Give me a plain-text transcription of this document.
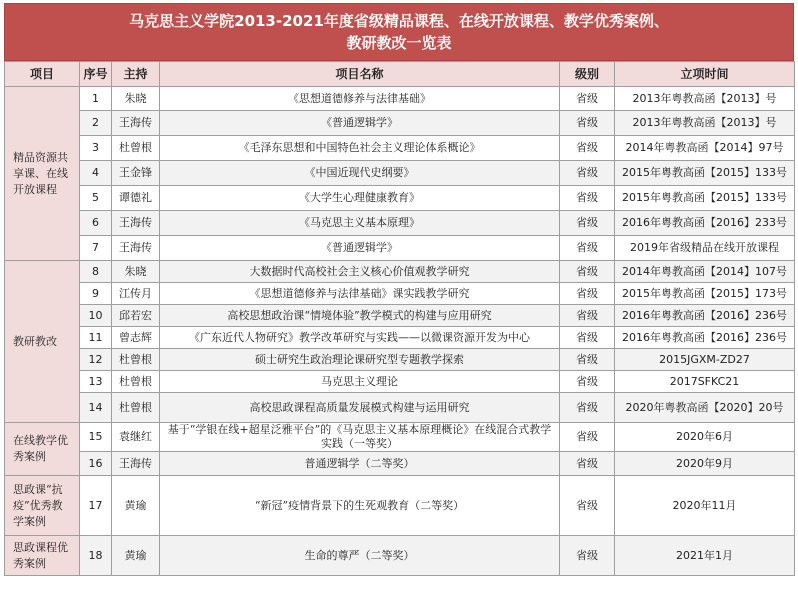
马克思主义学院2013-2021年度省级精品课程、在线开放课程、教学优秀案例、
教研教改一览表
项目	序号	主持	项目名称	级别	立项时间
精品资源共享课、在线开放课程	1	朱晓	《思想道德修养与法律基础》	省级	2013年粤教高函【2013】号
	2	王海传	《普通逻辑学》	省级	2013年粤教高函【2013】号
	3	杜曾根	《毛泽东思想和中国特色社会主义理论体系概论》	省级	2014年粤教高函【2014】97号
	4	王金锋	《中国近现代史纲要》	省级	2015年粤教高函【2015】133号
	5	谭德礼	《大学生心理健康教育》	省级	2015年粤教高函【2015】133号
	6	王海传	《马克思主义基本原理》	省级	2016年粤教高函【2016】233号
	7	王海传	《普通逻辑学》	省级	2019年省级精品在线开放课程
教研教改	8	朱晓	大数据时代高校社会主义核心价值观教学研究	省级	2014年粤教高函【2014】107号
	9	江传月	《思想道德修养与法律基础》课实践教学研究	省级	2015年粤教高函【2015】173号
	10	邱若宏	高校思想政治课“情境体验”教学模式的构建与应用研究	省级	2016年粤教高函【2016】236号
	11	曾志辉	《广东近代人物研究》教学改革研究与实践——以微课资源开发为中心	省级	2016年粤教高函【2016】236号
	12	杜曾根	硕士研究生政治理论课研究型专题教学探索	省级	2015JGXM-ZD27
	13	杜曾根	马克思主义理论	省级	2017SFKC21
	14	杜曾根	高校思政课程高质量发展模式构建与运用研究	省级	2020年粤教高函【2020】20号
在线教学优秀案例	15	袁继红	基于“学银在线+超星泛雅平台”的《马克思主义基本原理概论》在线混合式教学实践（一等奖）	省级	2020年6月
	16	王海传	普通逻辑学（二等奖）	省级	2020年9月
思政课“抗疫”优秀教学案例	17	黄瑜	“新冠”疫情背景下的生死观教育（二等奖）	省级	2020年11月
思政课程优秀案例	18	黄瑜	生命的尊严（二等奖）	省级	2021年1月
